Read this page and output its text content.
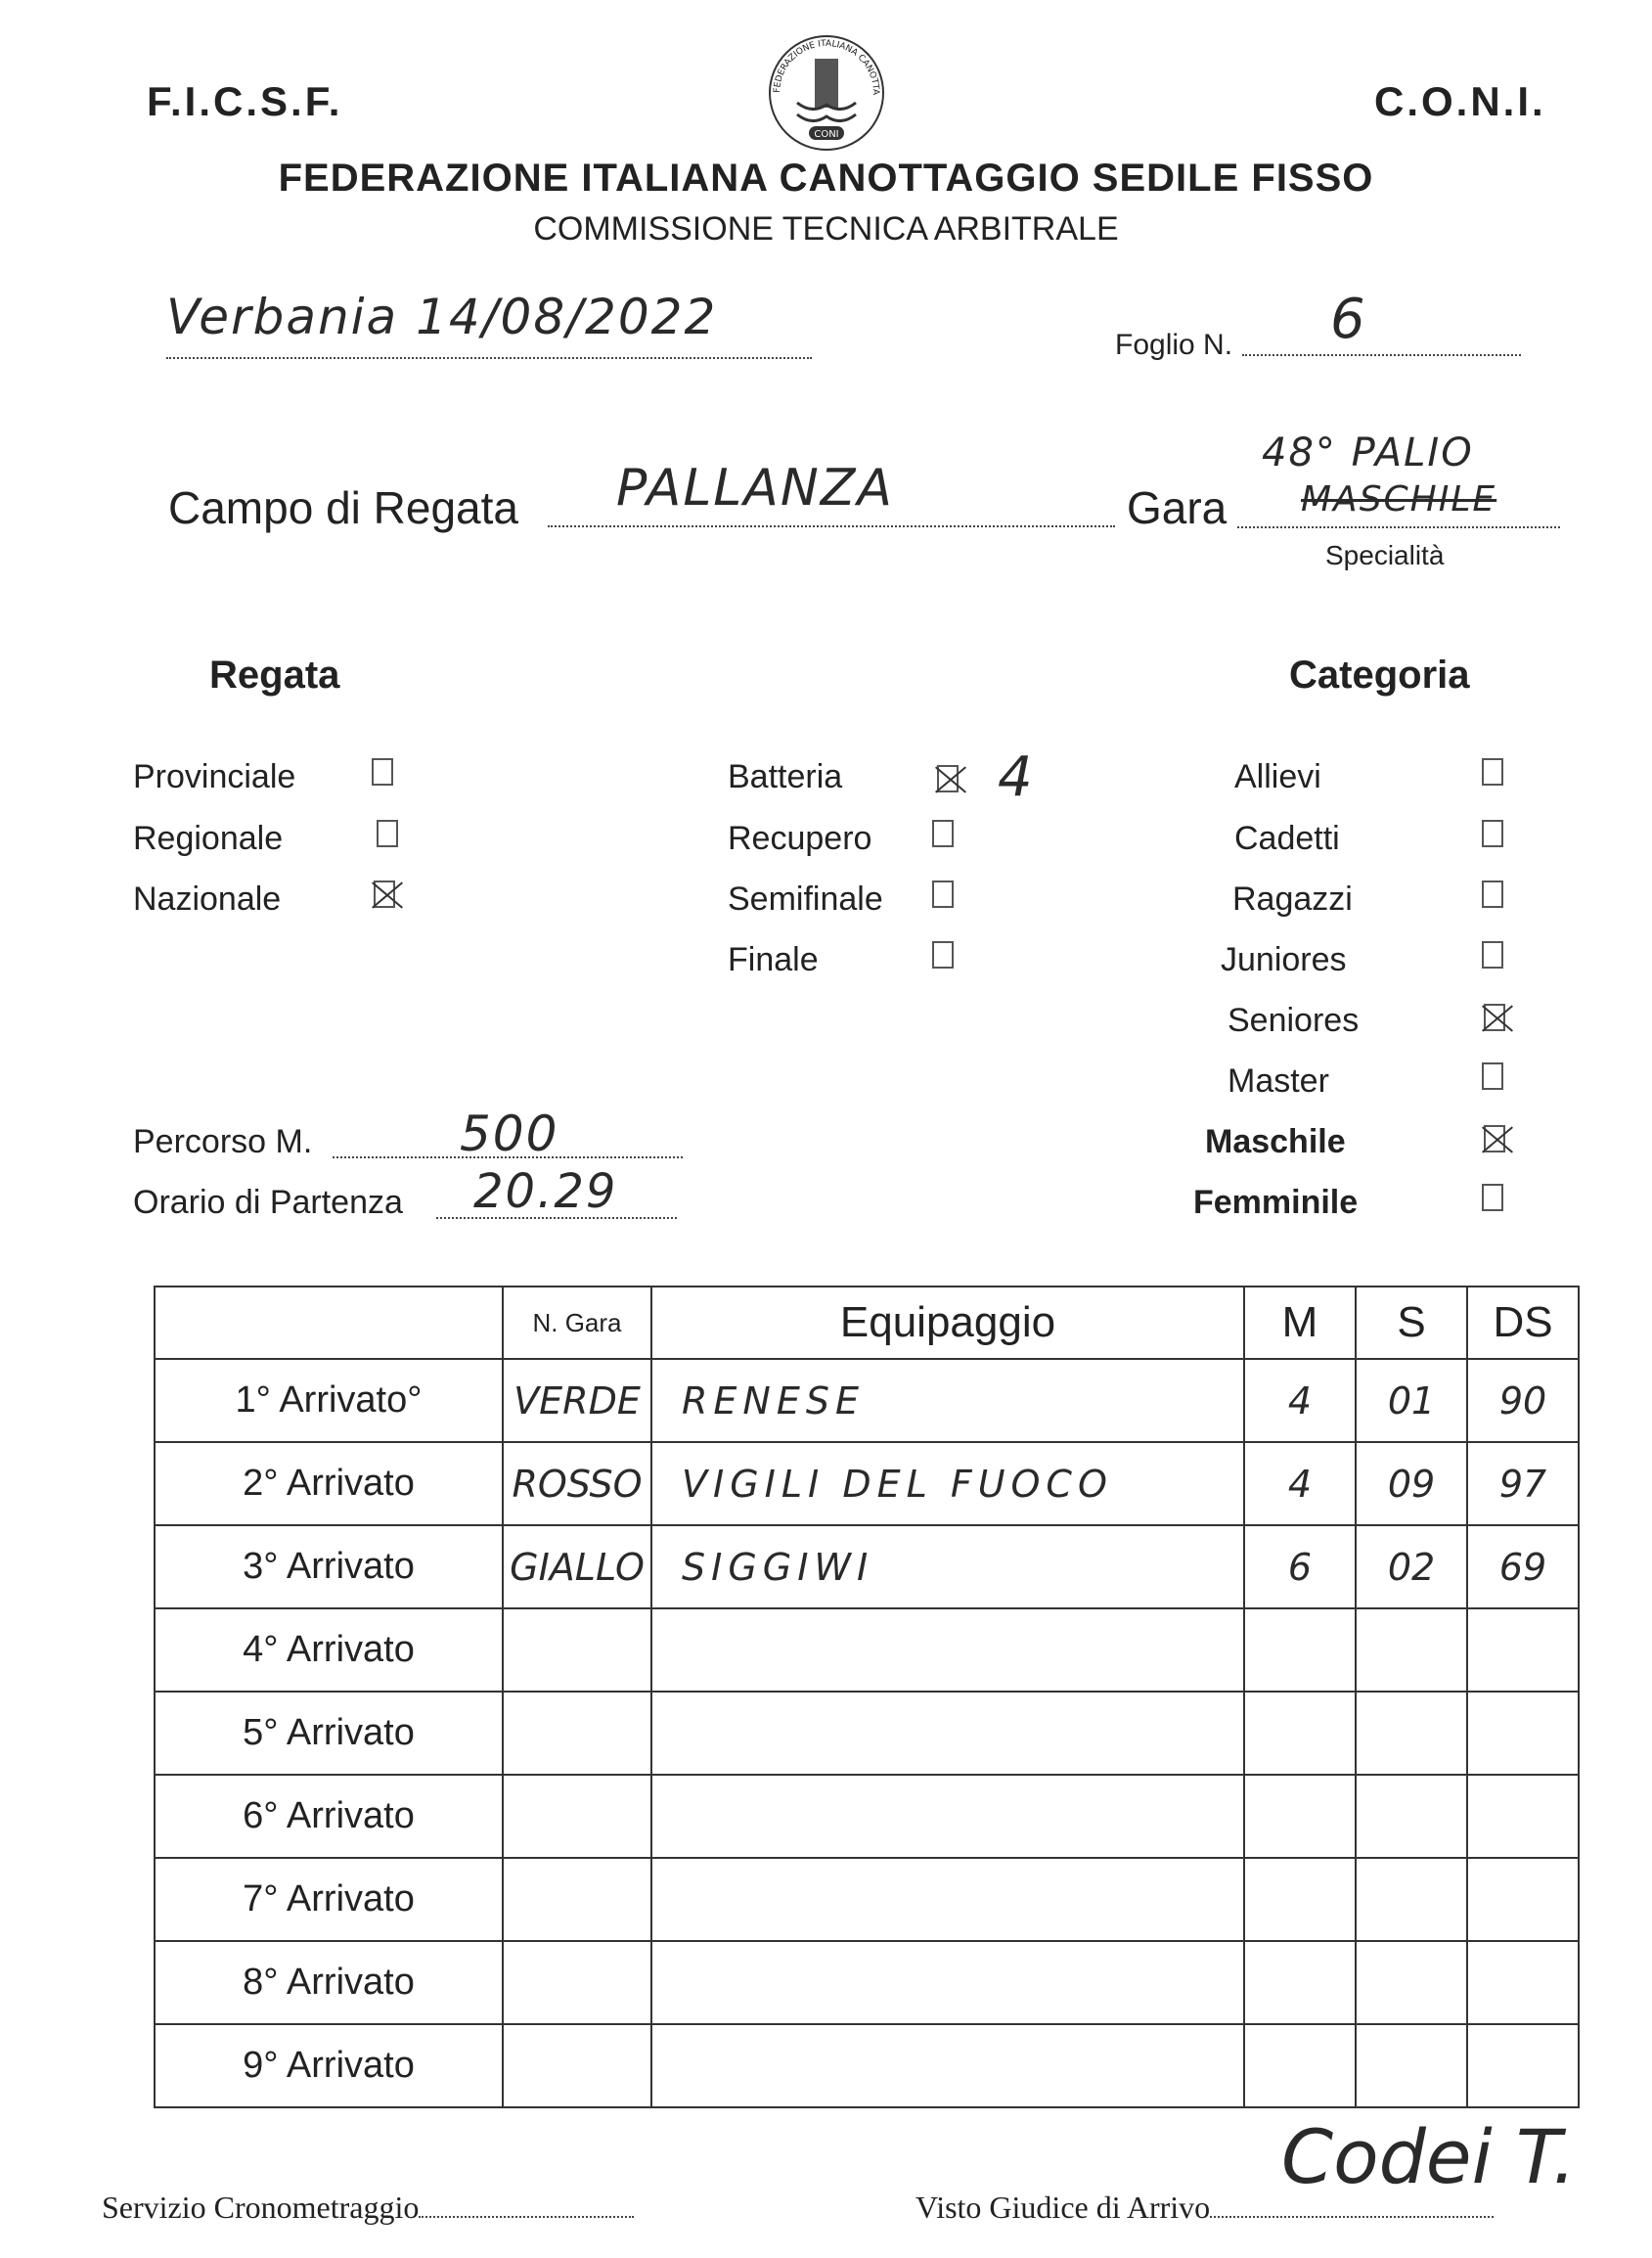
F.I.C.S.F.	C.O.N.I.
FEDERAZIONE ITALIANA CANOTTA
CONI
FEDERAZIONE ITALIANA CANOTTAGGIO SEDILE FISSO
COMMISSIONE TECNICA ARBITRALE
Verbania 14/08/2022	Foglio N. 6
Campo di Regata PALLANZA	Gara
48° PALIO
MASCHILE
Specialità
Regata	Categoria
Provinciale
Regionale
Nazionale
Batteria	4
Recupero
Semifinale
Finale
Allievi
Cadetti
Ragazzi
Juniores
Seniores
Master
Maschile
Femminile
Percorso M.	500
Orario di Partenza 20.29
	N. Gara	Equipaggio	M	S	DS
1° Arrivato°	VERDE	RENESE	4	01	90
2° Arrivato	ROSSO	VIGILI DEL FUOCO	4	09	97
3° Arrivato	GIALLO	SIGGIWI	6	02	69
4° Arrivato					
5° Arrivato					
6° Arrivato					
7° Arrivato					
8° Arrivato					
9° Arrivato					
Servizio Cronometraggio	Visto Giudice di Arrivo
Codei T.
